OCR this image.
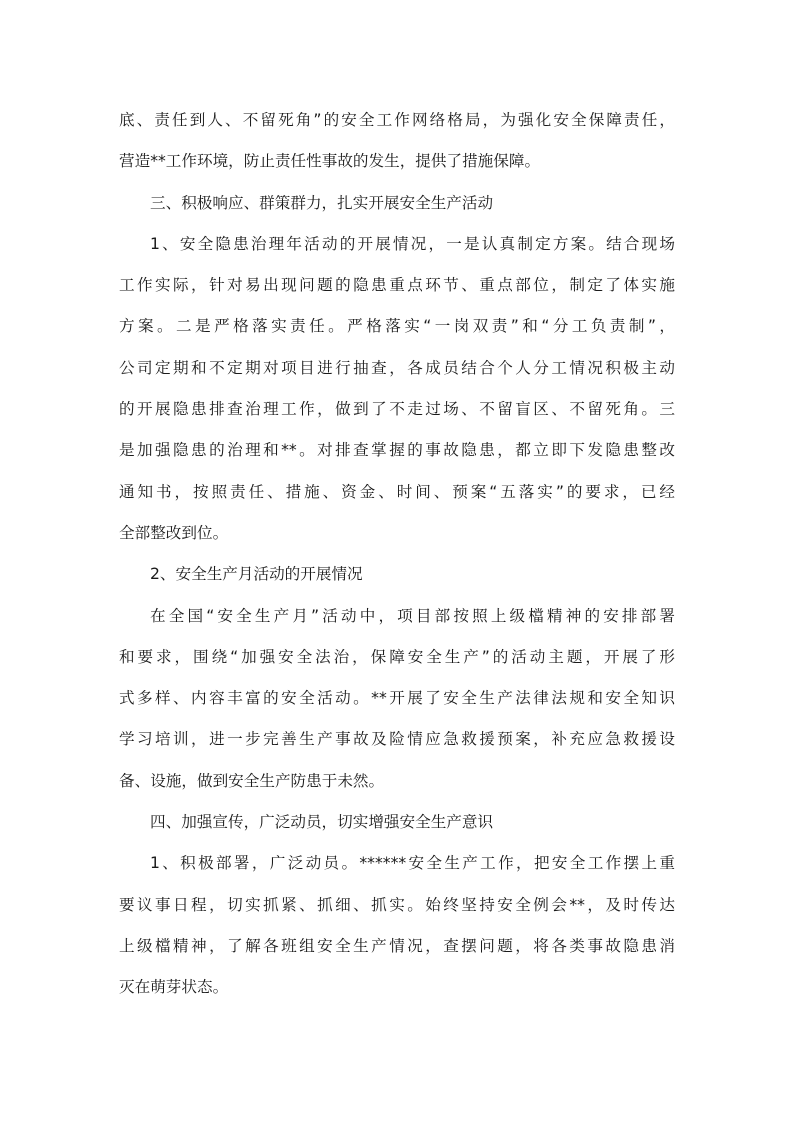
底、责任到人、不留死角”的安全工作网络格局，为强化安全保障责任，
营造**工作环境，防止责任性事故的发生，提供了措施保障。
三、积极响应、群策群力，扎实开展安全生产活动
1、安全隐患治理年活动的开展情况，一是认真制定方案。结合现场
工作实际，针对易出现问题的隐患重点环节、重点部位，制定了体实施
方案。二是严格落实责任。严格落实“一岗双责”和“分工负责制”，
公司定期和不定期对项目进行抽查，各成员结合个人分工情况积极主动
的开展隐患排查治理工作，做到了不走过场、不留盲区、不留死角。三
是加强隐患的治理和**。对排查掌握的事故隐患，都立即下发隐患整改
通知书，按照责任、措施、资金、时间、预案“五落实”的要求，已经
全部整改到位。
2、安全生产月活动的开展情况
在全国“安全生产月”活动中，项目部按照上级檔精神的安排部署
和要求，围绕“加强安全法治，保障安全生产”的活动主题，开展了形
式多样、内容丰富的安全活动。**开展了安全生产法律法规和安全知识
学习培训，进一步完善生产事故及险情应急救援预案，补充应急救援设
备、设施，做到安全生产防患于未然。
四、加强宣传，广泛动员，切实增强安全生产意识
1、积极部署，广泛动员。******安全生产工作，把安全工作摆上重
要议事日程，切实抓紧、抓细、抓实。始终坚持安全例会**，及时传达
上级檔精神，了解各班组安全生产情况，查摆问题，将各类事故隐患消
灭在萌芽状态。
